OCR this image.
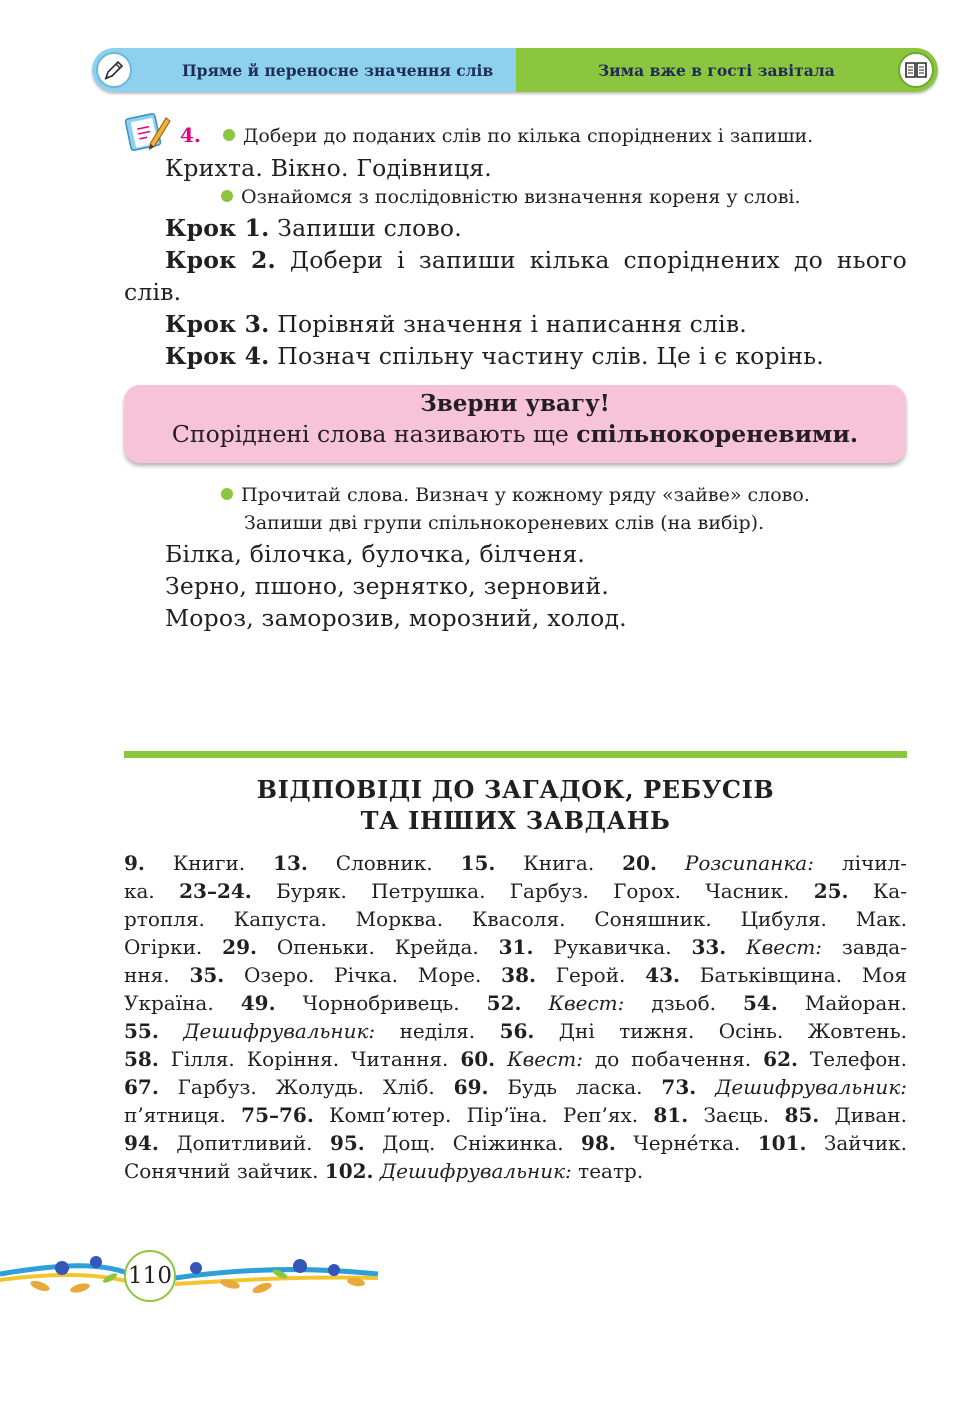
Пряме й переносне значення слів	Зима вже в гості завітала
4. Добери до поданих слів по кілька споріднених і запиши.
Крихта. Вікно. Годівниця.
Ознайомся з послідовністю визначення кореня у слові.
Крок 1. Запиши слово.
Крок 2. Добери і запиши кілька споріднених до нього
слів.
Крок 3. Порівняй значення і написання слів.
Крок 4. Познач спільну частину слів. Це і є корінь.
Зверни увагу!
Споріднені слова називають ще спільнокореневими.
Прочитай слова. Визнач у кожному ряду «зайве» слово.
Запиши дві групи спільнокореневих слів (на вибір).
Білка, білочка, булочка, білченя.
Зерно, пшоно, зернятко, зерновий.
Мороз, заморозив, морозний, холод.
ВІДПОВІДІ ДО ЗАГАДОК, РЕБУСІВ
ТА ІНШИХ ЗАВДАНЬ
9. Книги. 13. Словник. 15. Книга. 20. Розсипанка: лічил-
ка. 23–24. Буряк. Петрушка. Гарбуз. Горох. Часник. 25. Ка-
ртопля. Капуста. Морква. Квасоля. Соняшник. Цибуля. Мак.
Огірки. 29. Опеньки. Крейда. 31. Рукавичка. 33. Квест: завда-
ння. 35. Озеро. Річка. Море. 38. Герой. 43. Батьківщина. Моя
Україна. 49. Чорнобривець. 52. Квест: дзьоб. 54. Майоран.
55. Дешифрувальник: неділя. 56. Дні тижня. Осінь. Жовтень.
58. Гілля. Коріння. Читання. 60. Квест: до побачення. 62. Телефон.
67. Гарбуз. Жолудь. Хліб. 69. Будь ласка. 73. Дешифрувальник:
п’ятниця. 75–76. Комп’ютер. Пір’їна. Реп’ях. 81. Заєць. 85. Диван.
94. Допитливий. 95. Дощ. Сніжинка. 98. Черне́тка. 101. Зайчик.
Сонячний зайчик. 102. Дешифрувальник: театр.
110
